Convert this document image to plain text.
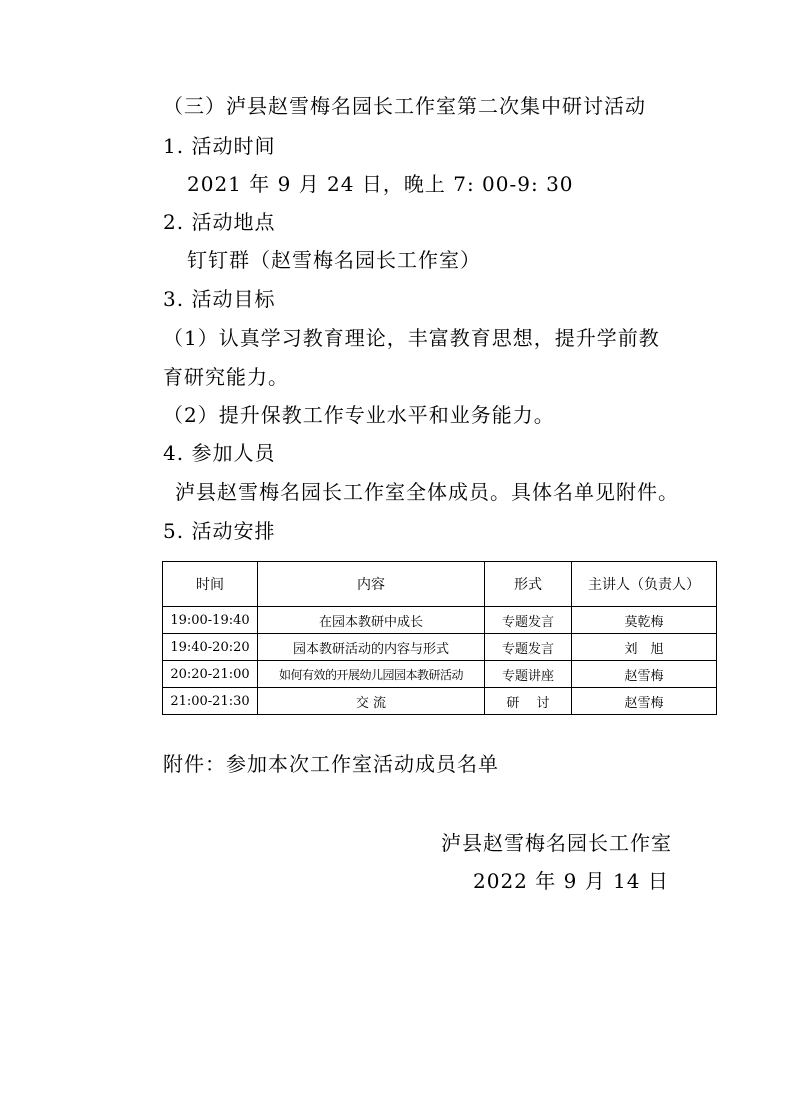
（三）泸县赵雪梅名园长工作室第二次集中研讨活动
1. 活动时间
2021 年 9 月 24 日，晚上 7: 00-9: 30
2. 活动地点
钉钉群（赵雪梅名园长工作室）
3. 活动目标
（1）认真学习教育理论，丰富教育思想，提升学前教
育研究能力。
（2）提升保教工作专业水平和业务能力。
4. 参加人员
泸县赵雪梅名园长工作室全体成员。具体名单见附件。
5. 活动安排
时间	内容	形式	主讲人（负责人）
19:00-19:40	在园本教研中成长	专题发言	莫乾梅
19:40-20:20	园本教研活动的内容与形式	专题发言	刘　旭
20:20-21:00	如何有效的开展幼儿园园本教研活动	专题讲座	赵雪梅
21:00-21:30	交 流	研　 讨	赵雪梅
附件：参加本次工作室活动成员名单
泸县赵雪梅名园长工作室
2022 年 9 月 14 日
